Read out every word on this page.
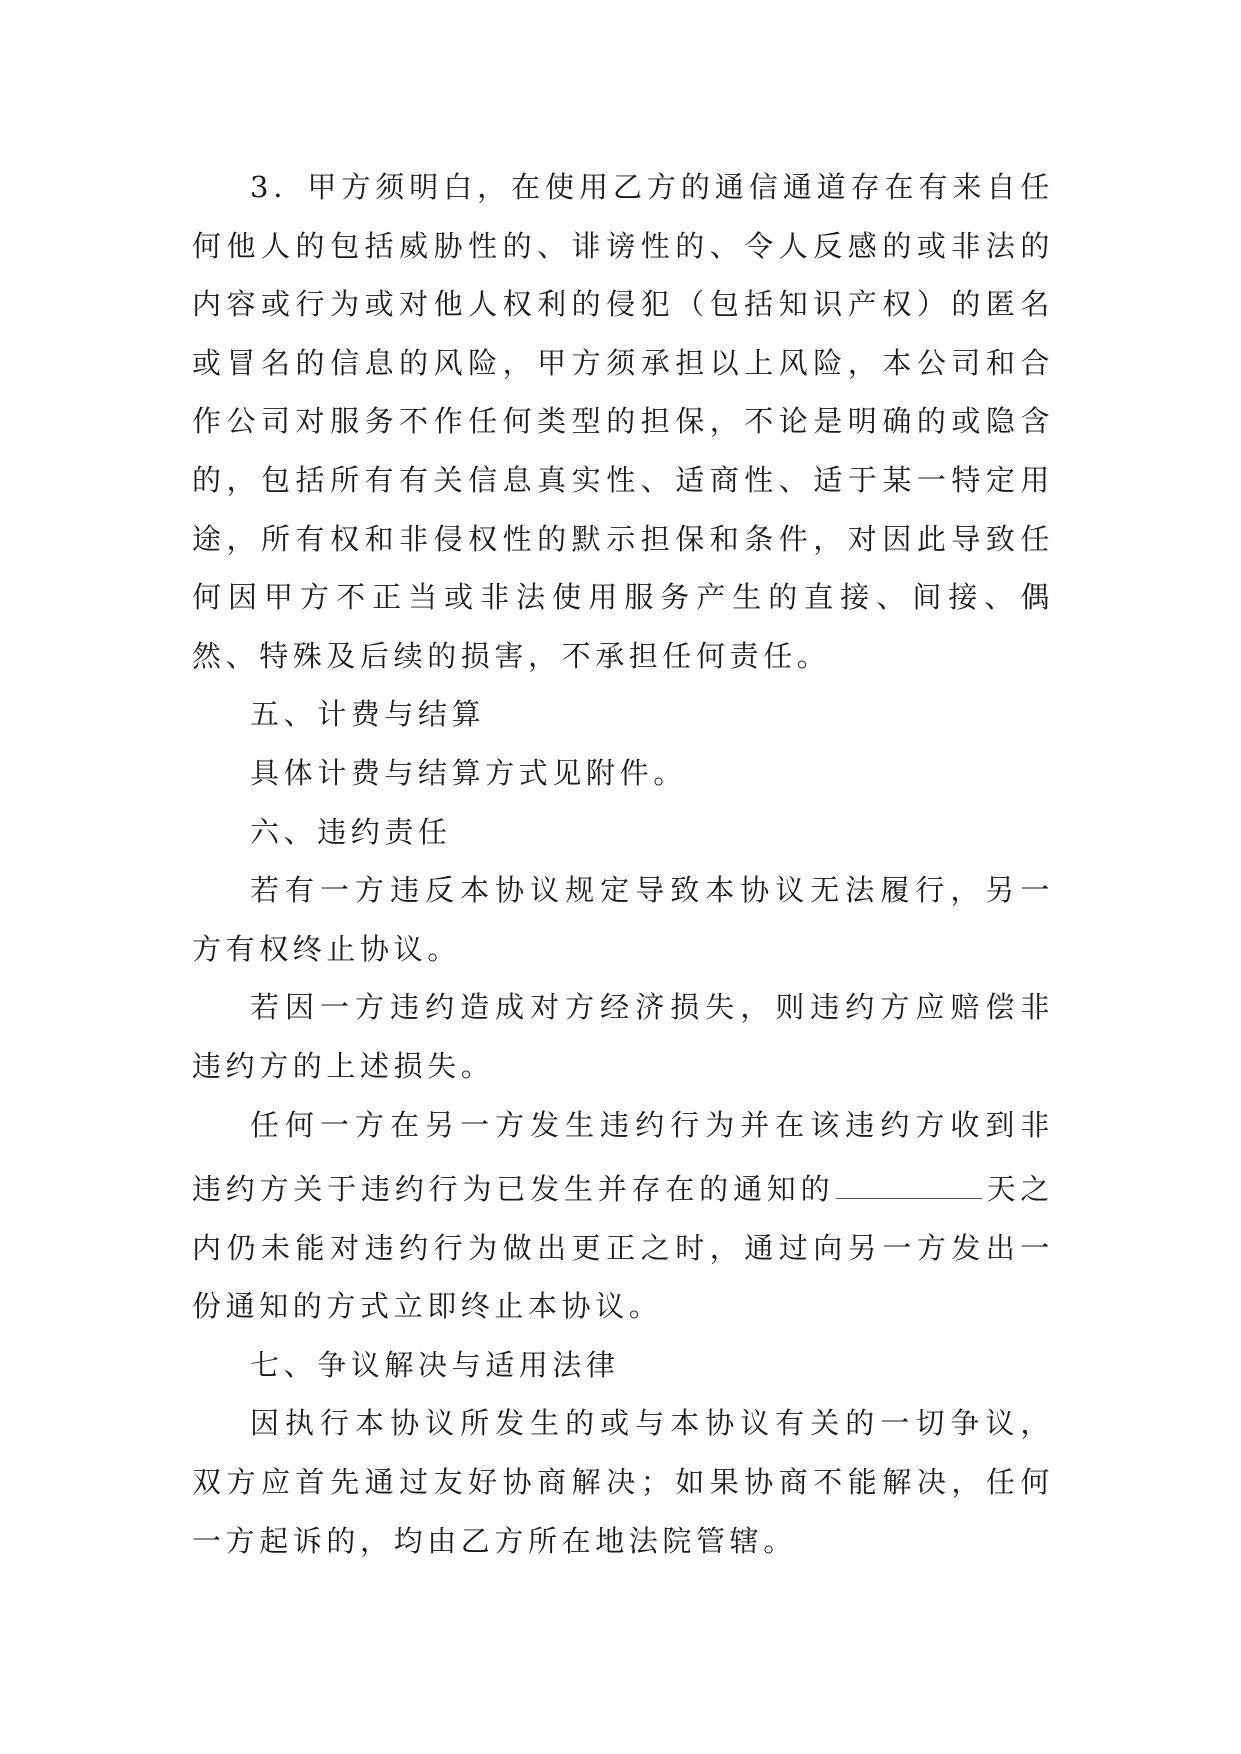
3．甲方须明白，在使用乙方的通信通道存在有来自任何他人的包括威胁性的、诽谤性的、令人反感的或非法的内容或行为或对他人权利的侵犯（包括知识产权）的匿名或冒名的信息的风险，甲方须承担以上风险，本公司和合作公司对服务不作任何类型的担保，不论是明确的或隐含的，包括所有有关信息真实性、适商性、适于某一特定用途，所有权和非侵权性的默示担保和条件，对因此导致任何因甲方不正当或非法使用服务产生的直接、间接、偶然、特殊及后续的损害，不承担任何责任。

五、计费与结算

具体计费与结算方式见附件。

六、违约责任

若有一方违反本协议规定导致本协议无法履行，另一方有权终止协议。

若因一方违约造成对方经济损失，则违约方应赔偿非违约方的上述损失。

任何一方在另一方发生违约行为并在该违约方收到非违约方关于违约行为已发生并存在的通知的	天之内仍未能对违约行为做出更正之时，通过向另一方发出一份通知的方式立即终止本协议。

七、争议解决与适用法律

因执行本协议所发生的或与本协议有关的一切争议，双方应首先通过友好协商解决；如果协商不能解决，任何一方起诉的，均由乙方所在地法院管辖。
